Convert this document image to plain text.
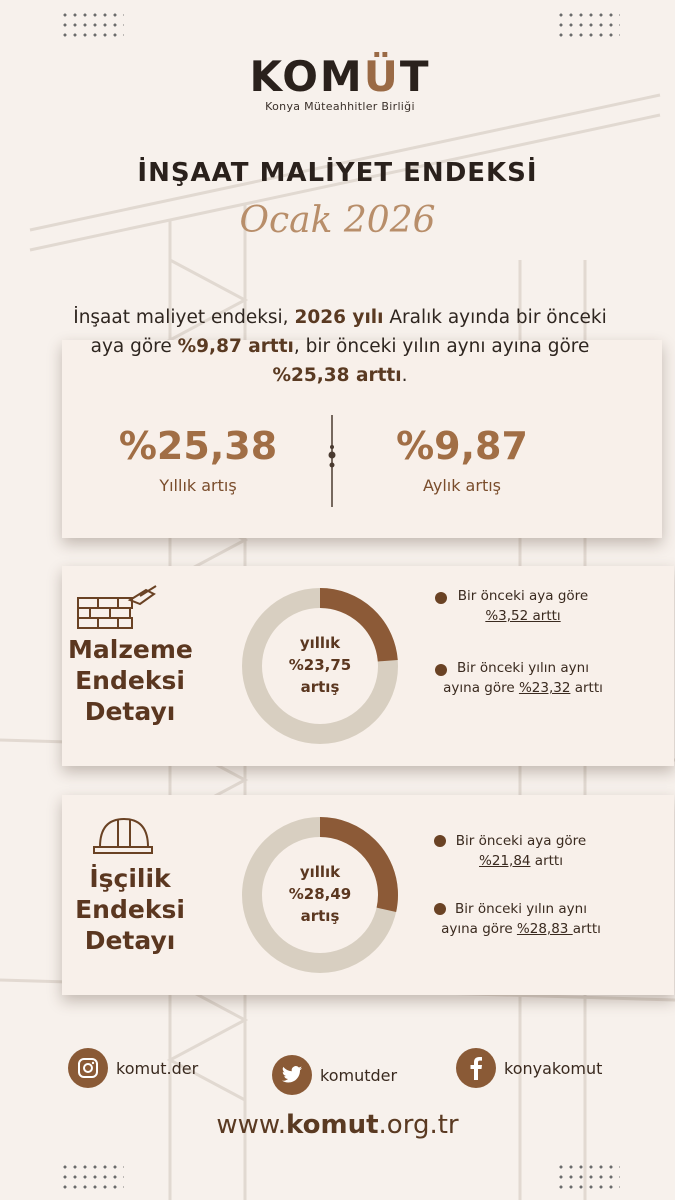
KOMÜT
Konya Müteahhitler Birliği
İNŞAAT MALİYET ENDEKSİ
Ocak 2026
%25,38
Yıllık artış
%9,87
Aylık artış
İnşaat maliyet endeksi, 2026 yılı Aralık ayında bir önceki aya göre %9,87 arttı, bir önceki yılın aynı ayına göre %25,38 arttı.
Malzeme
Endeksi
Detayı
yıllık
%23,75
artış
Bir önceki aya göre %3,52 arttı
Bir önceki yılın aynı ayına göre %23,32 arttı
İşçilik
Endeksi
Detayı
yıllık
%28,49
artış
Bir önceki aya göre %21,84 arttı
Bir önceki yılın aynı ayına göre %28,83 arttı
komut.der	komutder	konyakomut
www.komut.org.tr
